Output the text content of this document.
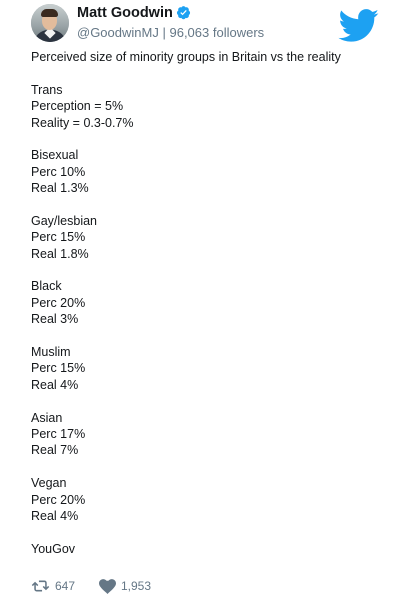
Matt Goodwin
@GoodwinMJ | 96,063 followers
Perceived size of minority groups in Britain vs the reality
Trans
Perception = 5%
Reality = 0.3-0.7%
Bisexual
Perc 10%
Real 1.3%
Gay/lesbian
Perc 15%
Real 1.8%
Black
Perc 20%
Real 3%
Muslim
Perc 15%
Real 4%
Asian
Perc 17%
Real 7%
Vegan
Perc 20%
Real 4%
YouGov
647	1,953
